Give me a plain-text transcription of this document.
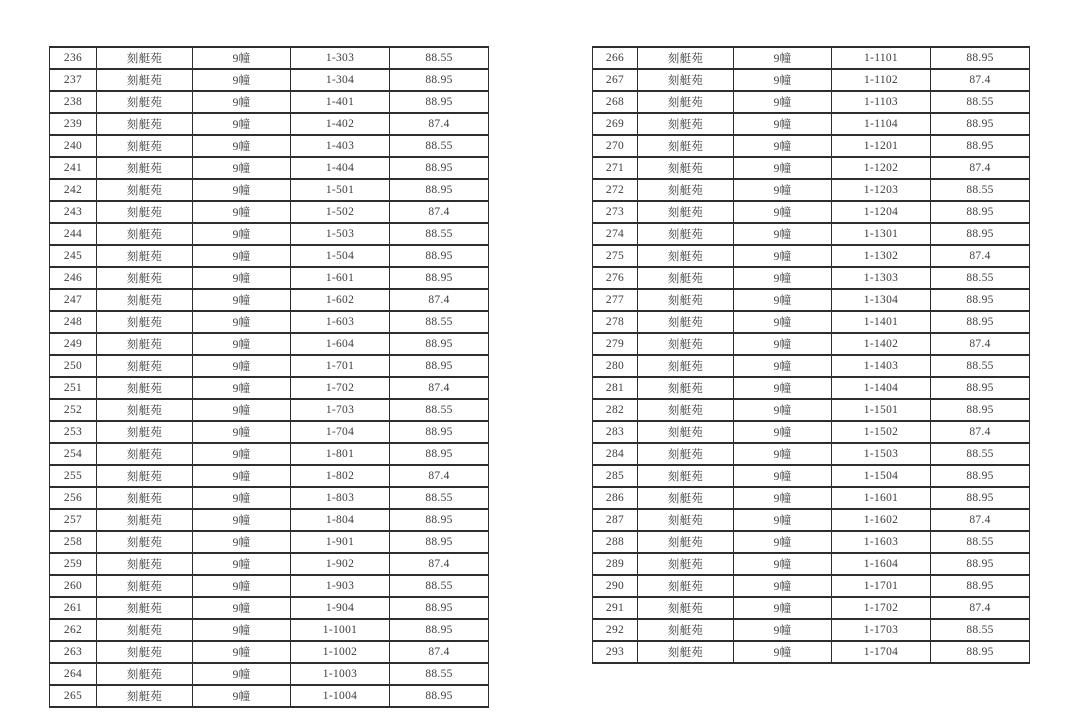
236	刻艇苑	9幢	1-303	88.55
237	刻艇苑	9幢	1-304	88.95
238	刻艇苑	9幢	1-401	88.95
239	刻艇苑	9幢	1-402	87.4
240	刻艇苑	9幢	1-403	88.55
241	刻艇苑	9幢	1-404	88.95
242	刻艇苑	9幢	1-501	88.95
243	刻艇苑	9幢	1-502	87.4
244	刻艇苑	9幢	1-503	88.55
245	刻艇苑	9幢	1-504	88.95
246	刻艇苑	9幢	1-601	88.95
247	刻艇苑	9幢	1-602	87.4
248	刻艇苑	9幢	1-603	88.55
249	刻艇苑	9幢	1-604	88.95
250	刻艇苑	9幢	1-701	88.95
251	刻艇苑	9幢	1-702	87.4
252	刻艇苑	9幢	1-703	88.55
253	刻艇苑	9幢	1-704	88.95
254	刻艇苑	9幢	1-801	88.95
255	刻艇苑	9幢	1-802	87.4
256	刻艇苑	9幢	1-803	88.55
257	刻艇苑	9幢	1-804	88.95
258	刻艇苑	9幢	1-901	88.95
259	刻艇苑	9幢	1-902	87.4
260	刻艇苑	9幢	1-903	88.55
261	刻艇苑	9幢	1-904	88.95
262	刻艇苑	9幢	1-1001	88.95
263	刻艇苑	9幢	1-1002	87.4
264	刻艇苑	9幢	1-1003	88.55
265	刻艇苑	9幢	1-1004	88.95
266	刻艇苑	9幢	1-1101	88.95
267	刻艇苑	9幢	1-1102	87.4
268	刻艇苑	9幢	1-1103	88.55
269	刻艇苑	9幢	1-1104	88.95
270	刻艇苑	9幢	1-1201	88.95
271	刻艇苑	9幢	1-1202	87.4
272	刻艇苑	9幢	1-1203	88.55
273	刻艇苑	9幢	1-1204	88.95
274	刻艇苑	9幢	1-1301	88.95
275	刻艇苑	9幢	1-1302	87.4
276	刻艇苑	9幢	1-1303	88.55
277	刻艇苑	9幢	1-1304	88.95
278	刻艇苑	9幢	1-1401	88.95
279	刻艇苑	9幢	1-1402	87.4
280	刻艇苑	9幢	1-1403	88.55
281	刻艇苑	9幢	1-1404	88.95
282	刻艇苑	9幢	1-1501	88.95
283	刻艇苑	9幢	1-1502	87.4
284	刻艇苑	9幢	1-1503	88.55
285	刻艇苑	9幢	1-1504	88.95
286	刻艇苑	9幢	1-1601	88.95
287	刻艇苑	9幢	1-1602	87.4
288	刻艇苑	9幢	1-1603	88.55
289	刻艇苑	9幢	1-1604	88.95
290	刻艇苑	9幢	1-1701	88.95
291	刻艇苑	9幢	1-1702	87.4
292	刻艇苑	9幢	1-1703	88.55
293	刻艇苑	9幢	1-1704	88.95
